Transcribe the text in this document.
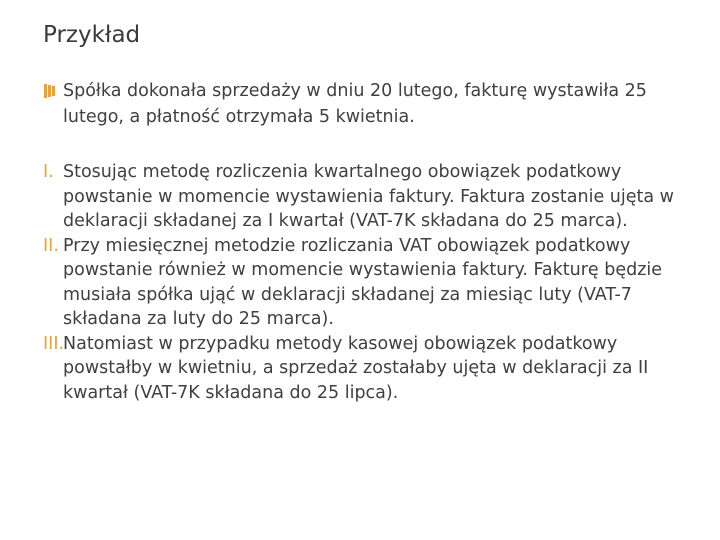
Przykład
Spółka dokonała sprzedaży w dniu 20 lutego, fakturę wystawiła 25 lutego, a płatność otrzymała 5 kwietnia.
I. Stosując metodę rozliczenia kwartalnego obowiązek podatkowy powstanie w momencie wystawienia faktury. Faktura zostanie ujęta w deklaracji składanej za I kwartał (VAT-7K składana do 25 marca).
II. Przy miesięcznej metodzie rozliczania VAT obowiązek podatkowy powstanie również w momencie wystawienia faktury. Fakturę będzie musiała spółka ująć w deklaracji składanej za miesiąc luty (VAT-7 składana za luty do 25 marca).
III.
Natomiast w przypadku metody kasowej obowiązek podatkowy powstałby w kwietniu, a sprzedaż zostałaby ujęta w deklaracji za II kwartał (VAT-7K składana do 25 lipca).
